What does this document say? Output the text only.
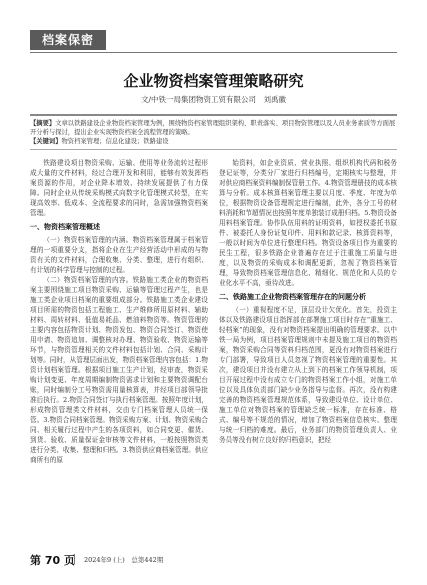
档案保密
企业物资档案管理策略研究
文/中铁一局集团物资工贸有限公司　刘禹徽
【摘要】文章以铁路建设企业物资档案管理为例，围绕物资档案管理组织架构、职责落实、项目物资管理以及人员业务素质等方面展开分析与探讨，提出企业实现物资档案全流程管理的策略。
【关键词】物资档案管理；信息化建设；铁路建设

铁路建设项目物资采购、运输、使用等业务流转过程形成大量的文件材料，经过合理开发和利用，能够有效发挥档案资源的作用，对企业降本增效、持续发展提供了有力保障。同时企业从传统采购模式向数字化管理模式转型，在实现高效率、低成本、全流程要求的同时，急需加强物资档案管理。

一、物资档案管理概述

（一）物资档案管理的内涵。物资档案管理属于档案管理的一项重要分支，指将企业在生产经营活动中形成的与物资有关的文件材料，合理收集、分类、整理，进行有组织、有计划的科学管理与控制的过程。

（二）物资档案管理的内容。铁路施工类企业的物资档案主要围绕施工项目物资采购、运输等管理过程产生，也是施工类企业项目档案的重要组成部分。铁路施工类企业建设项目所需的物资包括工程施工、生产维修所用原材料、辅助材料、周转材料、低值易耗品、燃油料物资等。物资管理的主要内容包括物资计划、物资发包、物资合同签订、物资使用申请、物资追加、调整核对办理、物资验收、物资运输等环节，与物资管理相关的文件材料包括计划、合同、采购计划等。同时，从管理层面出发，物资档案管理内容包括：1.物资计划档案管理。根据项目施工生产计划，经审查，物资采购计划变更、年度周期编制物资需求计划和主要物资调配台账，同时编制分工号物资需用量核算表，并经项目部领导批准后执行。2.物资合同签订与执行档案管理。按照年度计划，形成物资管理类文件材料，交由专门档案管理人员统一保管。3.物资合同档案管理。物资采购方案、计划、物资采购合同、相关履行过程中产生的各项资料，如合同变更、催货、到货、验收、质量保证金审核等文件材料，一般按照物资类进行分类、收集、整理和归档。3.物资供应商档案管理。供应商所有的原

始资料，如企业资质、营业执照、组织机构代码和税务登记证等，分类分厂家进行归档编号，定期核实与整理，并对供应商档案资料编制保管册工作。4.物资管理册技的成本核算与分析。成本核算档案管理主要以月度、季度、年度为单位，根据物资设备管理规定进行编制，此外，各分工号的材料消耗和节超情况也按照年度单独装订成册归档。5.物资设备用料档案管理。协作队伍用料的证明资料，如授权委托书原件、被委托人身份证复印件、用料和款记录、核算资料等，一般以时间为单位进行整理归档。物资设备项目作为重要的民生工程，很多铁路企业普遍存在过于注重施工质量与进度，以及物资的采购成本和调配更新，忽视了物资档案管理，导致物资档案管理信息化、精细化、规范化和人员的专业化水平不高，亟待改进。

二、铁路施工企业物资档案管理存在的问题分析

（一）重视程度不足，顶层设计欠优化。首先，投资主体以及铁路建设项目指挥部在部署施工项目时存在“重施工、轻档案”的现象，没有对物资档案提出明确的管理要求。以中铁一局为例，项目档案管理规则中未提及施工项目的物资档案，物资采购合同等资料归档范围，更没有对物资档案进行专门部署，导致项目人员忽视了物资档案管理的重要性。其次，建设项目并没有建立从上到下的档案工作领导机制，项目开展过程中没有成立专门的物资档案工作小组，对施工单位以及具体负责部门缺少业务指导与监督。再次，没有构建完善的物资档案管理规范体系，导致建设单位、设计单位、施工单位对物资档案的管理缺乏统一标准，存在标准、格式、编号等不规范的情况，增加了物资档案信息核实、整理与统一归档的难度。最后，业务部门的物资管理负责人、业务员等没有树立良好的归档意识，把经

第 70 页 2024年9 (上)　总第442期
